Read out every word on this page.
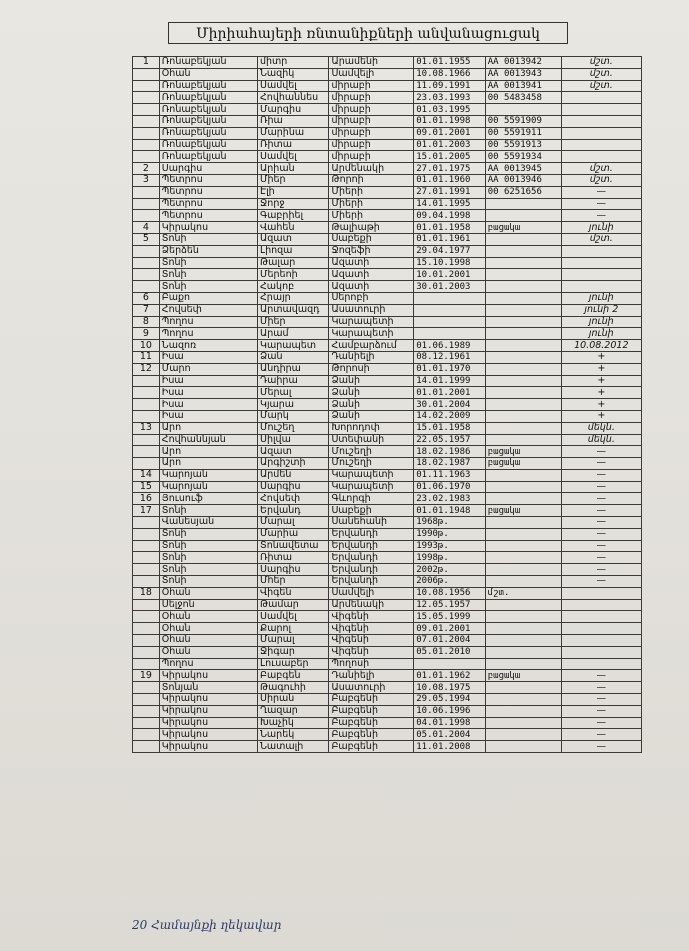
Միրիահայերի ռնտանիքների անվանացուցակ
1	Ռոնաբեկյան	միտր	Արամենի	01.01.1955	AA 0013942	մշտ.
	Օհան	Նազիկ	Սամվելի	10.08.1966	AA 0013943	մշտ.
	Ռոնաբեկյան	Սամվել	միրաբի	11.09.1991	AA 0013941	մշտ.
	Ռոնաբեկյան	Հովհաննես	միրաբի	23.03.1993	00 5483458	
	Ռոնաբեկյան	Մարգիս	միրաբի	01.03.1995		
	Ռոնաբեկյան	Ռիա	միրաբի	01.01.1998	00 5591909	
	Ռոնաբեկյան	Մարինա	միրաբի	09.01.2001	00 5591911	
	Ռոնաբեկյան	Ռիտա	միրաբի	01.01.2003	00 5591913	
	Ռոնաբեկյան	Սամվել	միրաբի	15.01.2005	00 5591934	
2	Սարգիս	Արիան	Արմենակի	27.01.1975	AA 0013945	մշտ.
3	Պետրոս	Միեր	Թորոի	01.01.1960	AA 0013946	մշտ.
	Պետրոս	Էլի	Միերի	27.01.1991	00 6251656	—
	Պետրոս	Ջորջ	Միերի	14.01.1995		—
	Պետրոս	Գաբրիել	Միերի	09.04.1998		—
4	Կիրակոս	Վահեն	Թալիաթի	01.01.1958	բացակա	յունի
5	Տոնի	Ազատ	Սաբեքի	01.01.1961		մշտ.
	Ձերձեն	Լիոզա	Ջոզեֆի	29.04.1977		
	Տոնի	Թալար	Ազատի	15.10.1998		
	Տոնի	Մերեոի	Ազատի	10.01.2001		
	Տոնի	Հակոբ	Ազատի	30.01.2003		
6	Բաքո	Հրայր	Սերոբի			յունի
7	Հովսեփ	Արտավազդ	Ասատուրի			յունի 2
8	Պողոս	Միեր	Կարապետի			յունի
9	Պողոս	Արամ	Կարապետի			յունի
10	Նազոռ	Կարապետ	Համբարձում	01.06.1989		10.08.2012
11	Իսա	Ձան	Դանիելի	08.12.1961		+
12	Մարո	Անդիրա	Թորոսի	01.01.1970		+
	Իսա	Դաիրա	Ձանի	14.01.1999		+
	Իսա	Մերալ	Ձանի	01.01.2001		+
	Իսա	Կյարա	Ձանի	30.01.2004		+
	Իսա	Մարկ	Ձանի	14.02.2009		+
13	Արո	Մուշեղ	Խորոդոփ	15.01.1958		մեկն.
	Հովհաննյան	Սիլվա	Ստեփանի	22.05.1957		մեկն.
	Արո	Ազատ	Մուշեղի	18.02.1986	բացակա	—
	Արո	Արգիշտի	Մուշեղի	18.02.1987	բացակա	—
14	Կարոյան	Արմեն	Կարապետի	01.11.1963		—
15	Կարոյան	Սարգիս	Կարապետի	01.06.1970		—
16	Յուսուֆ	Հովսեփ	Գևորգի	23.02.1983		—
17	Տոնի	Երվանդ	Սաբեքի	01.01.1948	բացակա	—
	Վանեսյան	Մարալ	Սանեհանի	1968թ.		—
	Տոնի	Մարիա	Երվանդի	1990թ.		—
	Տոնի	Տոնավետա	Երվանդի	1993թ.		—
	Տոնի	Ռիտա	Երվանդի	1998թ.		—
	Տոնի	Սարգիս	Երվանդի	2002թ.		—
	Տոնի	Մհեր	Երվանդի	2006թ.		—
18	Օհան	Վիգեն	Սամվելի	10.08.1956	մշտ.	
	Սելջոն	Թամար	Արմենակի	12.05.1957		
	Օհան	Սամվել	Վիգենի	15.05.1999		
	Օհան	Քարոլ	Վիգենի	09.01.2001		
	Օհան	Մարալ	Վիգենի	07.01.2004		
	Օհան	Ջիգար	Վիգենի	05.01.2010		
	Պողոս	Լուսաբեր	Պողոսի			
19	Կիրակոս	Բաբգեն	Դանիելի	01.01.1962	բացակա	—
	Տոնյան	Թագուհի	Ասատուրի	10.08.1975		—
	Կիրակոս	Սիրան	Բաբգենի	29.05.1994		—
	Կիրակոս	Ղազար	Բաբգենի	10.06.1996		—
	Կիրակոս	Խաչիկ	Բաբգենի	04.01.1998		—
	Կիրակոս	Նարեկ	Բաբգենի	05.01.2004		—
	Կիրակոս	Նատալի	Բաբգենի	11.01.2008		—
20 Համայնքի ղեկավար
